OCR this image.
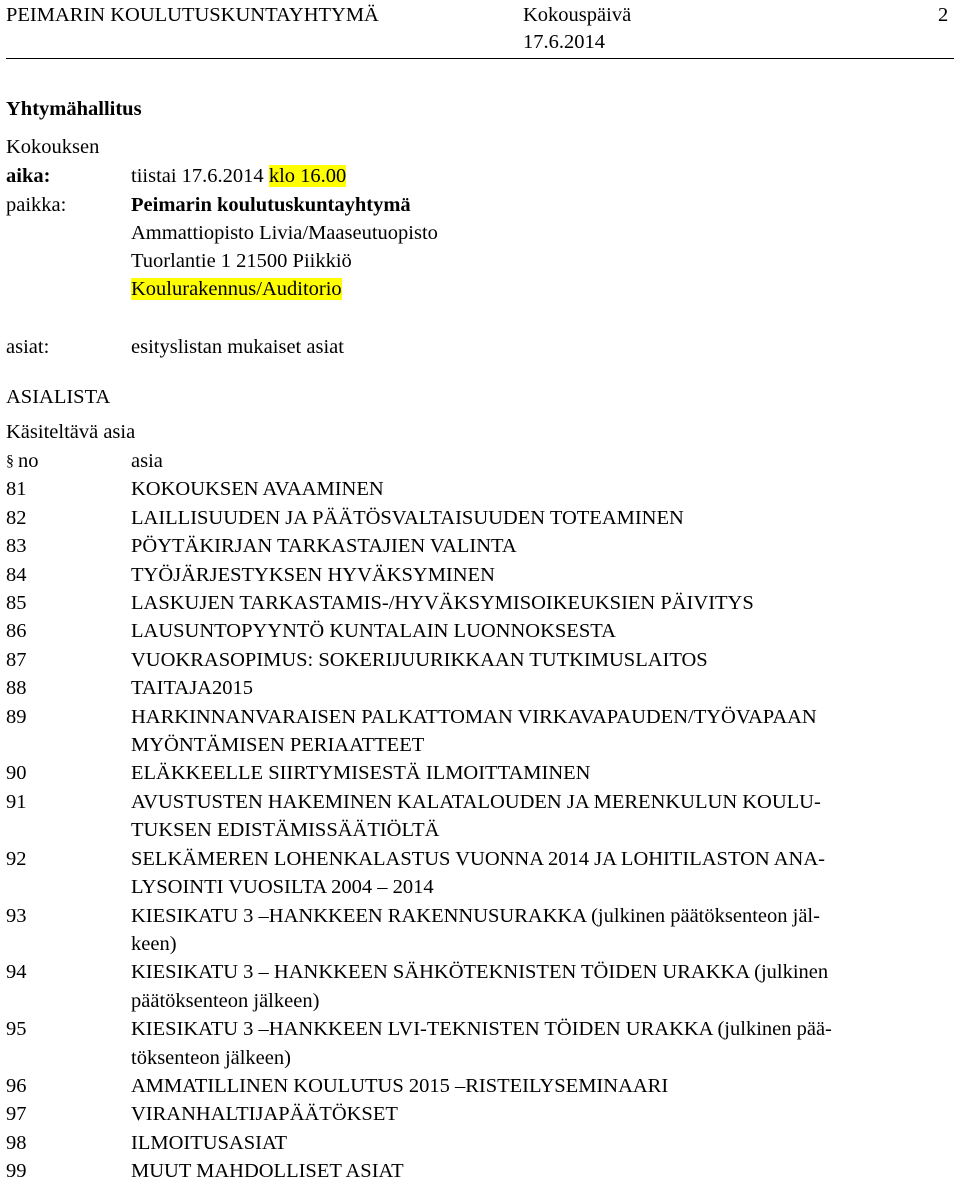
PEIMARIN KOULUTUSKUNTAYHTYMÄ	Kokouspäivä
17.6.2014
2
Yhtymähallitus
Kokouksen
aika:	tiistai 17.6.2014 klo 16.00
paikka:	Peimarin koulutuskuntayhtymä
Ammattiopisto Livia/Maaseutuopisto
Tuorlantie 1 21500 Piikkiö
Koulurakennus/Auditorio
asiat:	esityslistan mukaiset asiat
ASIALISTA
Käsiteltävä asia
§ no	asia
81	KOKOUKSEN AVAAMINEN
82	LAILLISUUDEN JA PÄÄTÖSVALTAISUUDEN TOTEAMINEN
83	PÖYTÄKIRJAN TARKASTAJIEN VALINTA
84	TYÖJÄRJESTYKSEN HYVÄKSYMINEN
85	LASKUJEN TARKASTAMIS-/HYVÄKSYMISOIKEUKSIEN PÄIVITYS
86	LAUSUNTOPYYNTÖ KUNTALAIN LUONNOKSESTA
87	VUOKRASOPIMUS: SOKERIJUURIKKAAN TUTKIMUSLAITOS
88	TAITAJA2015
89	HARKINNANVARAISEN PALKATTOMAN VIRKAVAPAUDEN/TYÖVAPAAN
MYÖNTÄMISEN PERIAATTEET
90	ELÄKKEELLE SIIRTYMISESTÄ ILMOITTAMINEN
91	AVUSTUSTEN HAKEMINEN KALATALOUDEN JA MERENKULUN KOULU-
TUKSEN EDISTÄMISSÄÄTIÖLTÄ
92	SELKÄMEREN LOHENKALASTUS VUONNA 2014 JA LOHITILASTON ANA-
LYSOINTI VUOSILTA 2004 – 2014
93	KIESIKATU 3 –HANKKEEN RAKENNUSURAKKA (julkinen päätöksenteon jäl-
keen)
94	KIESIKATU 3 – HANKKEEN SÄHKÖTEKNISTEN TÖIDEN URAKKA (julkinen
päätöksenteon jälkeen)
95	KIESIKATU 3 –HANKKEEN LVI-TEKNISTEN TÖIDEN URAKKA (julkinen pää-
töksenteon jälkeen)
96	AMMATILLINEN KOULUTUS 2015 –RISTEILYSEMINAARI
97	VIRANHALTIJAPÄÄTÖKSET
98	ILMOITUSASIAT
99	MUUT MAHDOLLISET ASIAT
